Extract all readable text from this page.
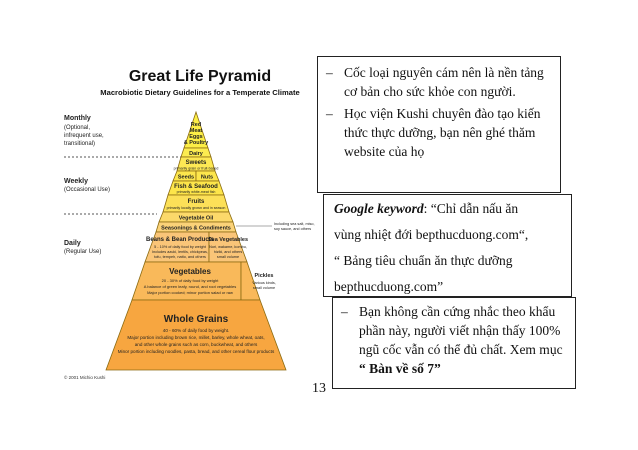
Great Life Pyramid
Macrobiotic Dietary Guidelines for a Temperate Climate
Monthly
(Optional,
infrequent use,
transitional)
Weekly
(Occasional Use)
Daily
(Regular Use)
Red Meat Eggs & Poultry
Dairy
Sweets
primarily grain or fruit-based
Seeds Nuts
Fish & Seafood
primarily white-meat fish
Fruits
primarily locally grown and in season
Vegetable Oil
Seasonings & Condiments
Beans & Bean Products
5 - 10% of daily food by weight
Includes azuki, lentils, chickpeas,
tofu, tempeh, natto, and others
Sea Vegetables
Nori, wakame, kombu,
hiziki, and others
small volume
Vegetables
20 - 30% of daily food by weight
A balance of green leafy, round, and root vegetables
Major portion cooked; minor portion salad or raw
Pickles
Various kinds,
small volume
Whole Grains
40 - 60% of daily food by weight.
Major portion including brown rice, millet, barley, whole wheat, oats,
and other whole grains such as corn, buckwheat, and others
Minor portion including noodles, pasta, bread, and other cereal flour products
Including sea salt, miso,
soy sauce, and others
© 2001 Michio Kushi
– Cốc loại nguyên cám nên là nền tảng cơ bản cho sức khỏe con người.
– Học viện Kushi chuyên đào tạo kiến thức thực dưỡng, bạn nên ghé thăm website của họ
Google keyword: “Chỉ dẫn nấu ăn
vùng nhiệt đới bepthucduong.com“,
“ Bảng tiêu chuẩn ăn thực dưỡng
bepthucduong.com”
– Bạn không cần cứng nhắc theo khẩu phần này, người viết nhận thấy 100% ngũ cốc vẫn có thể đủ chất. Xem mục “ Bàn về số 7”
13
